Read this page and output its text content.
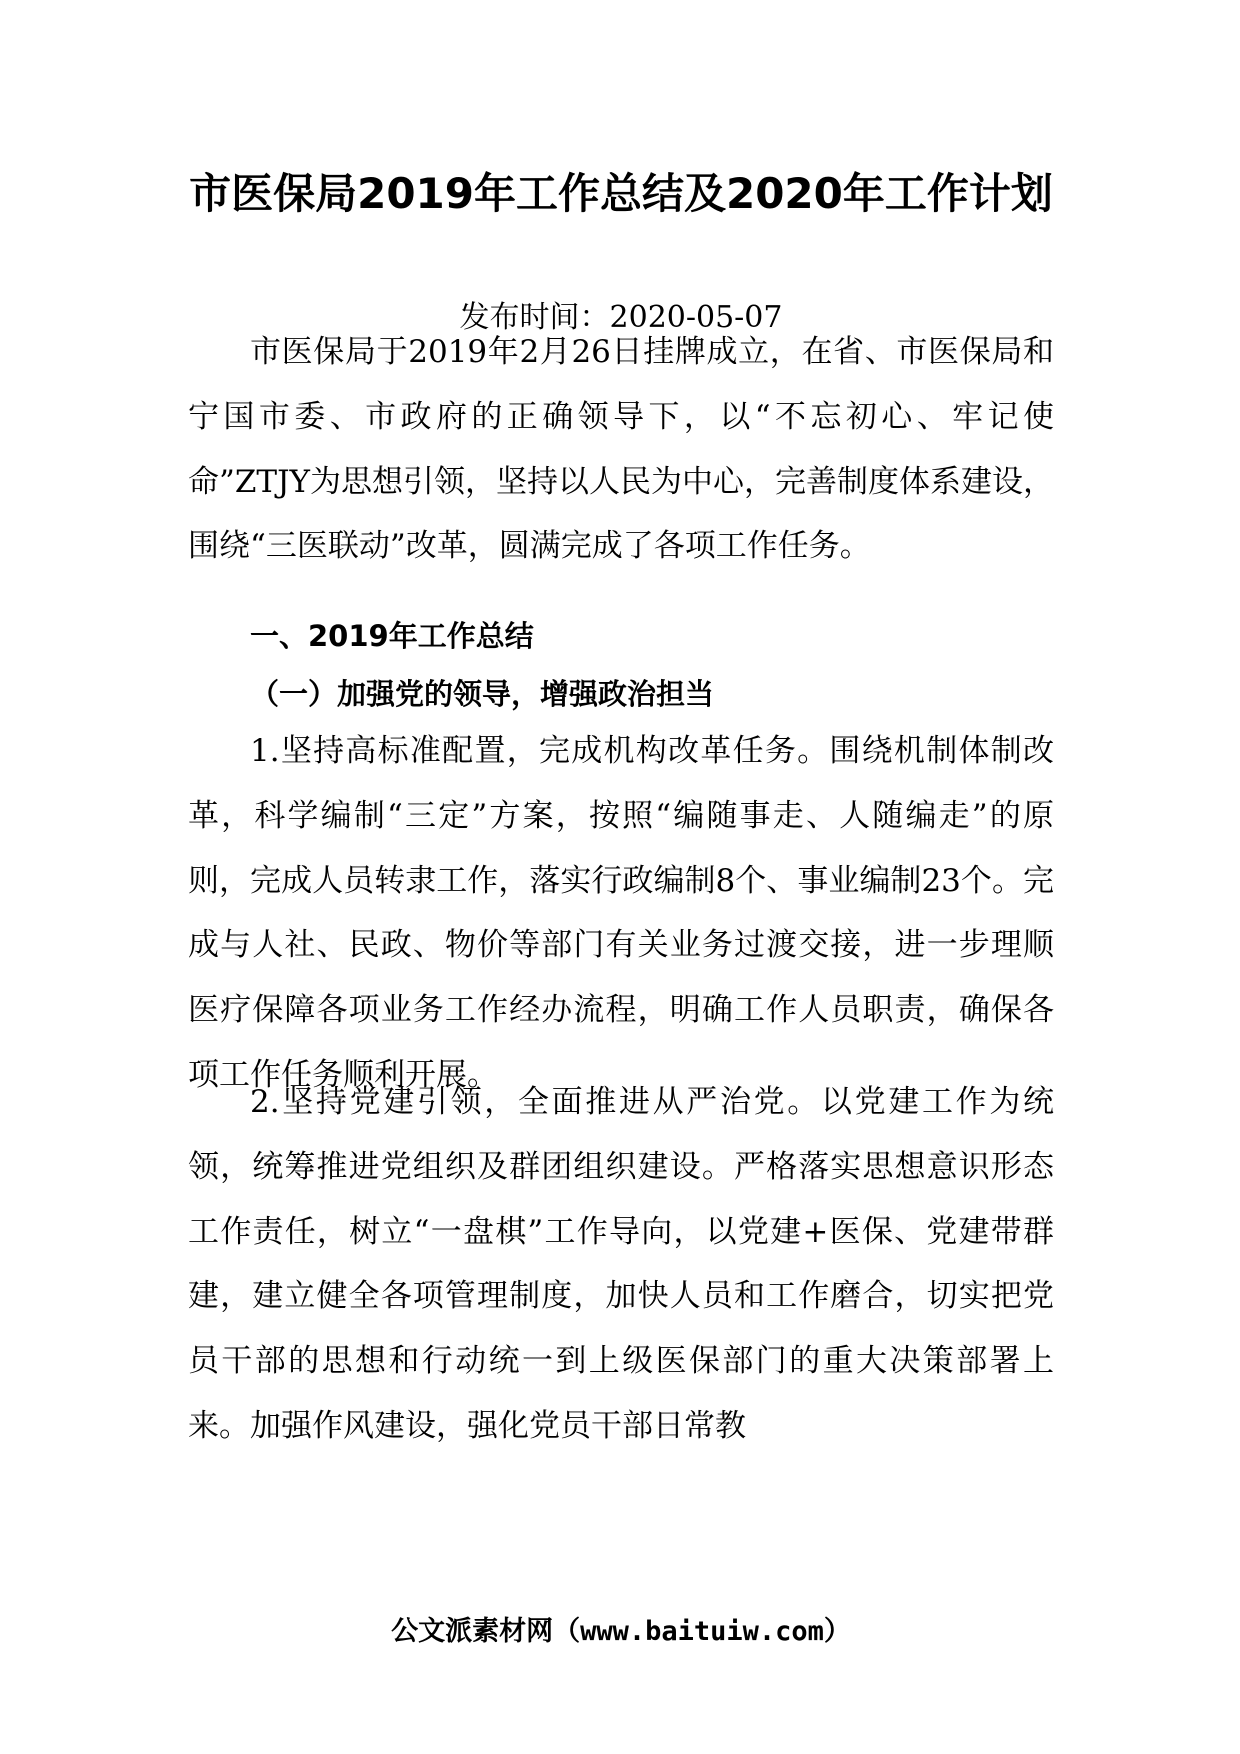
市医保局2019年工作总结及2020年工作计划
发布时间：2020-05-07

市医保局于2019年2月26日挂牌成立，在省、市医保局和宁国市委、市政府的正确领导下，以“不忘初心、牢记使命”ZTJY为思想引领，坚持以人民为中心，完善制度体系建设，围绕“三医联动”改革，圆满完成了各项工作任务。

一、2019年工作总结
（一）加强党的领导，增强政治担当

1.坚持高标准配置，完成机构改革任务。围绕机制体制改革，科学编制“三定”方案，按照“编随事走、人随编走”的原则，完成人员转隶工作，落实行政编制8个、事业编制23个。完成与人社、民政、物价等部门有关业务过渡交接，进一步理顺医疗保障各项业务工作经办流程，明确工作人员职责，确保各项工作任务顺利开展。

2.坚持党建引领，全面推进从严治党。以党建工作为统领，统筹推进党组织及群团组织建设。严格落实思想意识形态工作责任，树立“一盘棋”工作导向，以党建+医保、党建带群建，建立健全各项管理制度，加快人员和工作磨合，切实把党员干部的思想和行动统一到上级医保部门的重大决策部署上来。加强作风建设，强化党员干部日常教

公文派素材网（www.baituiw.com）
